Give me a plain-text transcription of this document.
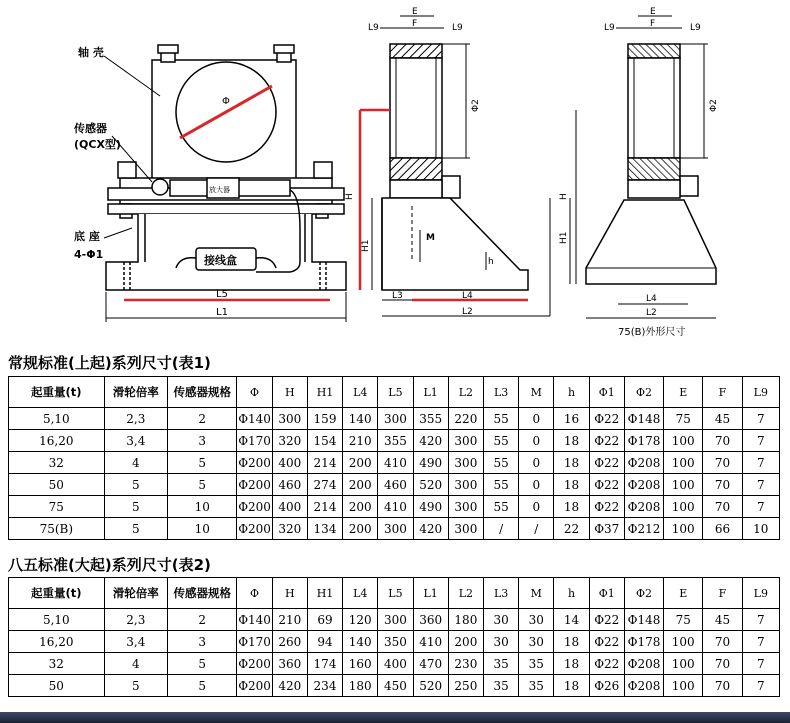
轴 壳
传感器
(QCX型)
底 座
4-Φ1	接线盒
放大器
Φ
L5
L1
E
F
L9	L9
Φ2
H
H1
M
h
L3	L4
L2
E
F
L9	L9
Φ2
H
H1
L4
L2
75(B)外形尺寸
常规标准(上起)系列尺寸(表1)
起重量(t)	滑轮倍率	传感器规格	Φ	H	H1	L4	L5	L1	L2	L3	M	h	Φ1	Φ2	E	F	L9
5,10	2,3	2	Φ140	300	159	140	300	355	220	55	0	16	Φ22	Φ148	75	45	7
16,20	3,4	3	Φ170	320	154	210	355	420	300	55	0	18	Φ22	Φ178	100	70	7
32	4	5	Φ200	400	214	200	410	490	300	55	0	18	Φ22	Φ208	100	70	7
50	5	5	Φ200	460	274	200	460	520	300	55	0	18	Φ22	Φ208	100	70	7
75	5	10	Φ200	400	214	200	410	490	300	55	0	18	Φ22	Φ208	100	70	7
75(B)	5	10	Φ200	320	134	200	300	420	300	/	/	22	Φ37	Φ212	100	66	10
八五标准(大起)系列尺寸(表2)
起重量(t)	滑轮倍率	传感器规格	Φ	H	H1	L4	L5	L1	L2	L3	M	h	Φ1	Φ2	E	F	L9
5,10	2,3	2	Φ140	210	69	120	300	360	180	30	30	14	Φ22	Φ148	75	45	7
16,20	3,4	3	Φ170	260	94	140	350	410	200	30	30	18	Φ22	Φ178	100	70	7
32	4	5	Φ200	360	174	160	400	470	230	35	35	18	Φ22	Φ208	100	70	7
50	5	5	Φ200	420	234	180	450	520	250	35	35	18	Φ26	Φ208	100	70	7
